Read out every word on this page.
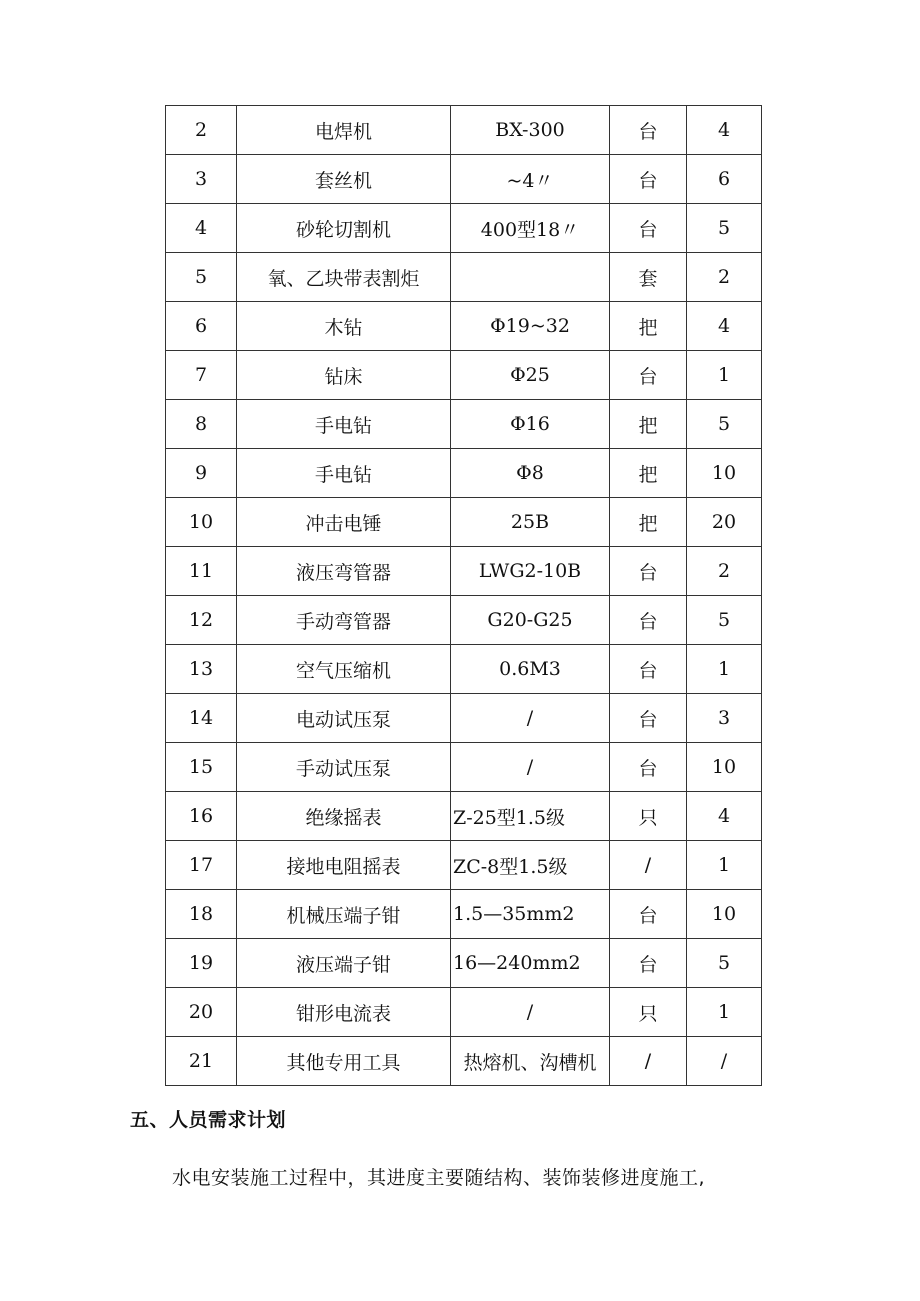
2	电焊机	BX-300	台	4
3	套丝机	~4〃	台	6
4	砂轮切割机	400型18〃	台	5
5	氧、乙块带表割炬		套	2
6	木钻	Φ19~32	把	4
7	钻床	Φ25	台	1
8	手电钻	Φ16	把	5
9	手电钻	Φ8	把	10
10	冲击电锤	25B	把	20
11	液压弯管器	LWG2-10B	台	2
12	手动弯管器	G20-G25	台	5
13	空气压缩机	0.6M3	台	1
14	电动试压泵	/	台	3
15	手动试压泵	/	台	10
16	绝缘摇表	Z-25型1.5级	只	4
17	接地电阻摇表	ZC-8型1.5级	/	1
18	机械压端子钳	1.5—35mm2	台	10
19	液压端子钳	16—240mm2	台	5
20	钳形电流表	/	只	1
21	其他专用工具	热熔机、沟槽机	/	/
五、人员需求计划
水电安装施工过程中，其进度主要随结构、装饰装修进度施工,
